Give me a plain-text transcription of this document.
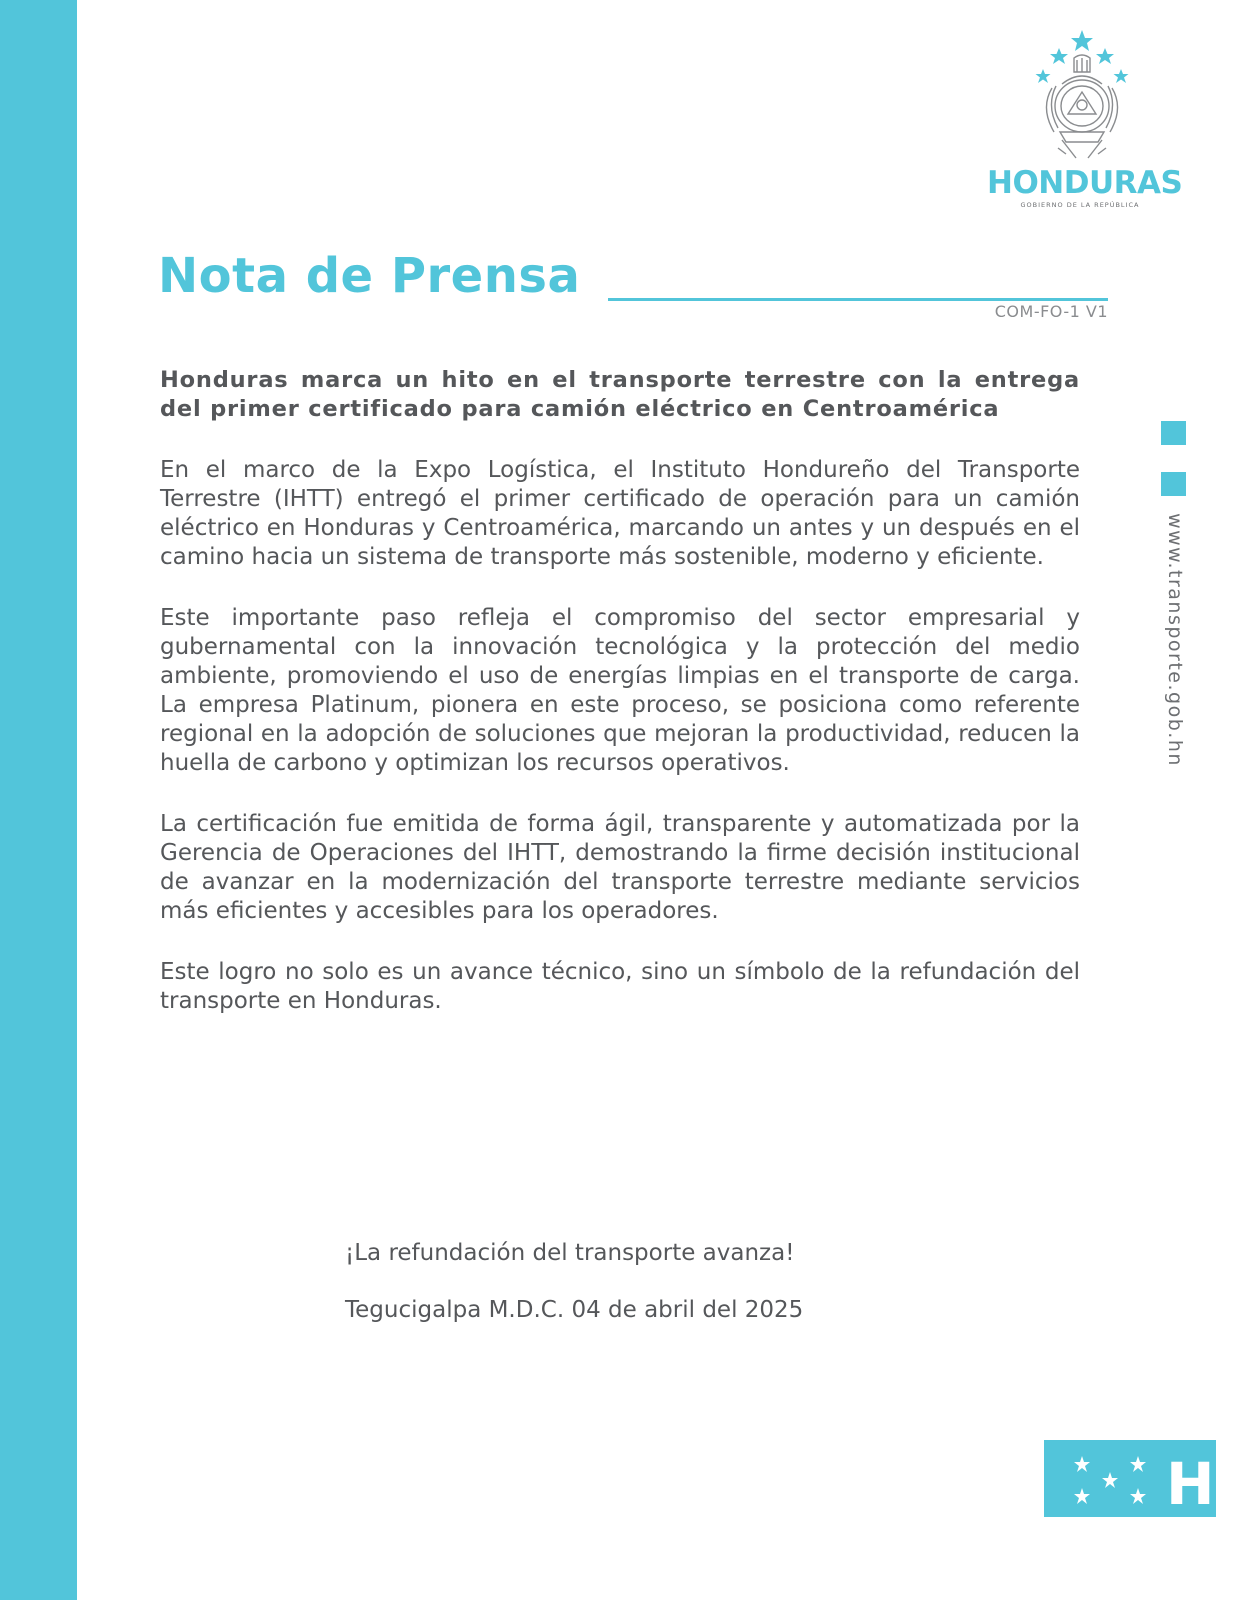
HONDURAS
GOBIERNO DE LA REPÚBLICA
Nota de Prensa
COM-FO-1 V1

Honduras marca un hito en el transporte terrestre con la entrega del primer certificado para camión eléctrico en Centroamérica

En el marco de la Expo Logística, el Instituto Hondureño del Transporte Terrestre (IHTT) entregó el primer certificado de operación para un camión eléctrico en Honduras y Centroamérica, marcando un antes y un después en el camino hacia un sistema de transporte más sostenible, moderno y eficiente.

Este importante paso refleja el compromiso del sector empresarial y gubernamental con la innovación tecnológica y la protección del medio ambiente, promoviendo el uso de energías limpias en el transporte de carga. La empresa Platinum, pionera en este proceso, se posiciona como referente regional en la adopción de soluciones que mejoran la productividad, reducen la huella de carbono y optimizan los recursos operativos.

La certificación fue emitida de forma ágil, transparente y automatizada por la Gerencia de Operaciones del IHTT, demostrando la firme decisión institucional de avanzar en la modernización del transporte terrestre mediante servicios más eficientes y accesibles para los operadores.

Este logro no solo es un avance técnico, sino un símbolo de la refundación del transporte en Honduras.

¡La refundación del transporte avanza!
Tegucigalpa M.D.C. 04 de abril del 2025
www.transporte.gob.hn
H
